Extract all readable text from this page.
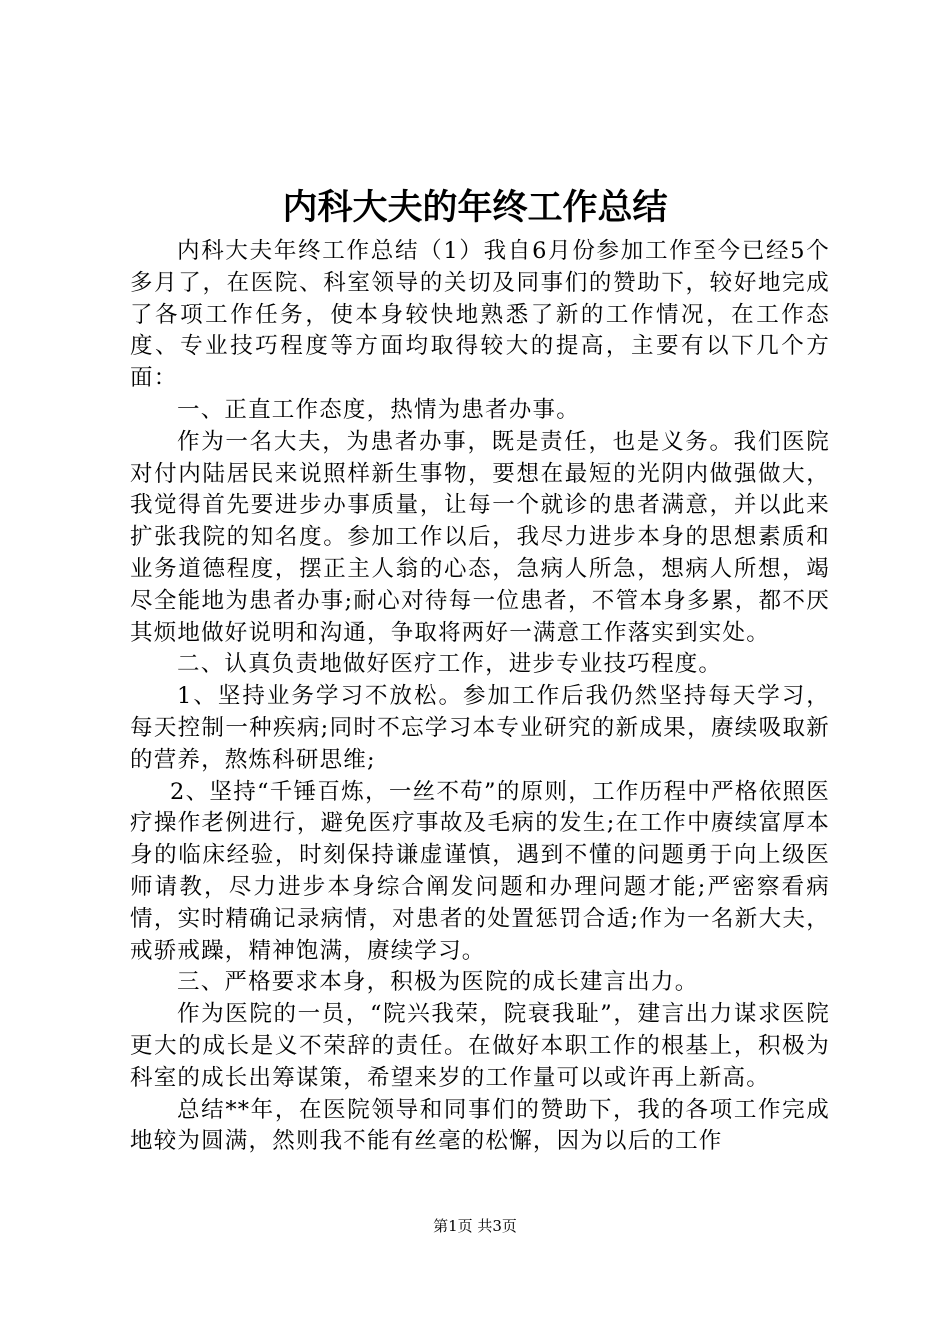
内科大夫的年终工作总结

内科大夫年终工作总结（1）我自6月份参加工作至今已经5个多月了，在医院、科室领导的关切及同事们的赞助下，较好地完成了各项工作任务，使本身较快地熟悉了新的工作情况，在工作态度、专业技巧程度等方面均取得较大的提高，主要有以下几个方面：

一、正直工作态度，热情为患者办事。

作为一名大夫，为患者办事，既是责任，也是义务。我们医院对付内陆居民来说照样新生事物，要想在最短的光阴内做强做大，我觉得首先要进步办事质量，让每一个就诊的患者满意，并以此来扩张我院的知名度。参加工作以后，我尽力进步本身的思想素质和业务道德程度，摆正主人翁的心态，急病人所急，想病人所想，竭尽全能地为患者办事;耐心对待每一位患者，不管本身多累，都不厌其烦地做好说明和沟通，争取将两好一满意工作落实到实处。

二、认真负责地做好医疗工作，进步专业技巧程度。

1、坚持业务学习不放松。参加工作后我仍然坚持每天学习，每天控制一种疾病;同时不忘学习本专业研究的新成果，赓续吸取新的营养，熬炼科研思维;

2、坚持“千锤百炼，一丝不苟”的原则，工作历程中严格依照医疗操作老例进行，避免医疗事故及毛病的发生;在工作中赓续富厚本身的临床经验，时刻保持谦虚谨慎，遇到不懂的问题勇于向上级医师请教，尽力进步本身综合阐发问题和办理问题才能;严密察看病情，实时精确记录病情，对患者的处置惩罚合适;作为一名新大夫，戒骄戒躁，精神饱满，赓续学习。

三、严格要求本身，积极为医院的成长建言出力。

作为医院的一员，“院兴我荣，院衰我耻”，建言出力谋求医院更大的成长是义不荣辞的责任。在做好本职工作的根基上，积极为科室的成长出筹谋策，希望来岁的工作量可以或许再上新高。

总结**年，在医院领导和同事们的赞助下，我的各项工作完成地较为圆满，然则我不能有丝毫的松懈，因为以后的工作

第1页 共3页
